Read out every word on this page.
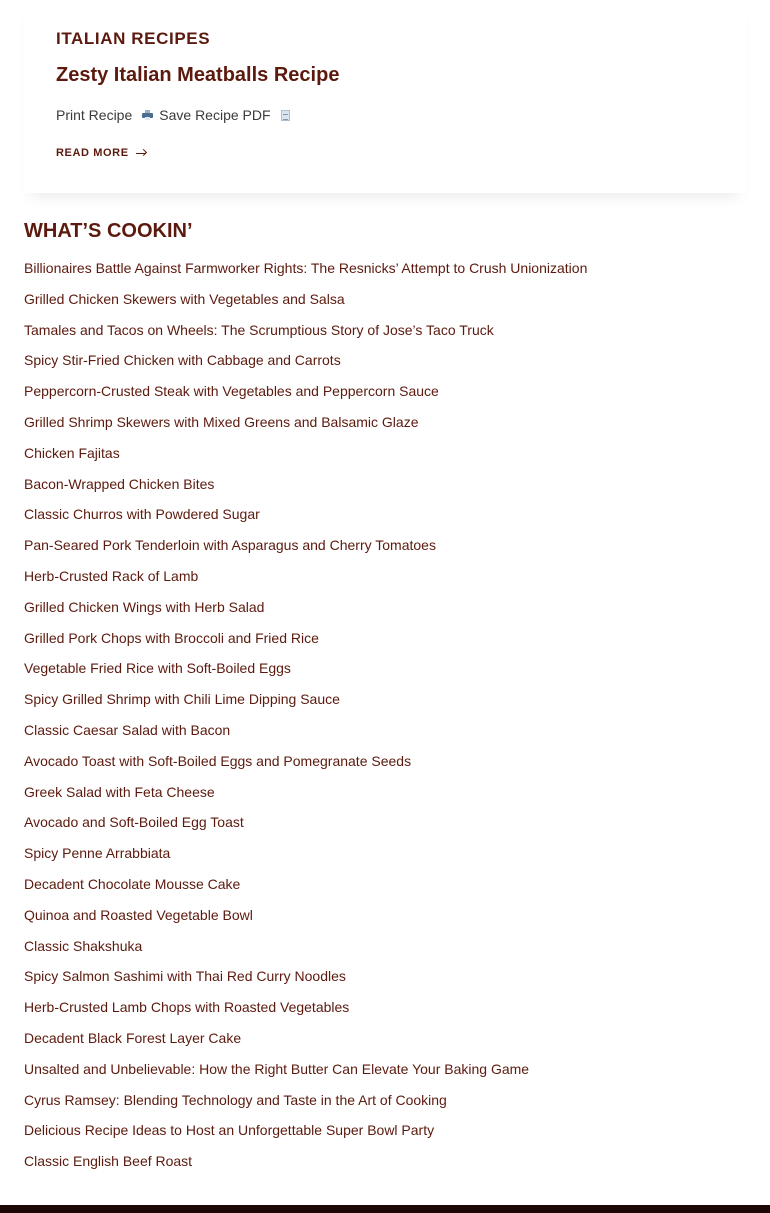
ITALIAN RECIPES
Zesty Italian Meatballs Recipe
Print Recipe Save Recipe PDF
READ MORE
WHAT’S COOKIN’
Billionaires Battle Against Farmworker Rights: The Resnicks’ Attempt to Crush Unionization
Grilled Chicken Skewers with Vegetables and Salsa
Tamales and Tacos on Wheels: The Scrumptious Story of Jose’s Taco Truck
Spicy Stir-Fried Chicken with Cabbage and Carrots
Peppercorn-Crusted Steak with Vegetables and Peppercorn Sauce
Grilled Shrimp Skewers with Mixed Greens and Balsamic Glaze
Chicken Fajitas
Bacon-Wrapped Chicken Bites
Classic Churros with Powdered Sugar
Pan-Seared Pork Tenderloin with Asparagus and Cherry Tomatoes
Herb-Crusted Rack of Lamb
Grilled Chicken Wings with Herb Salad
Grilled Pork Chops with Broccoli and Fried Rice
Vegetable Fried Rice with Soft-Boiled Eggs
Spicy Grilled Shrimp with Chili Lime Dipping Sauce
Classic Caesar Salad with Bacon
Avocado Toast with Soft-Boiled Eggs and Pomegranate Seeds
Greek Salad with Feta Cheese
Avocado and Soft-Boiled Egg Toast
Spicy Penne Arrabbiata
Decadent Chocolate Mousse Cake
Quinoa and Roasted Vegetable Bowl
Classic Shakshuka
Spicy Salmon Sashimi with Thai Red Curry Noodles
Herb-Crusted Lamb Chops with Roasted Vegetables
Decadent Black Forest Layer Cake
Unsalted and Unbelievable: How the Right Butter Can Elevate Your Baking Game
Cyrus Ramsey: Blending Technology and Taste in the Art of Cooking
Delicious Recipe Ideas to Host an Unforgettable Super Bowl Party
Classic English Beef Roast
